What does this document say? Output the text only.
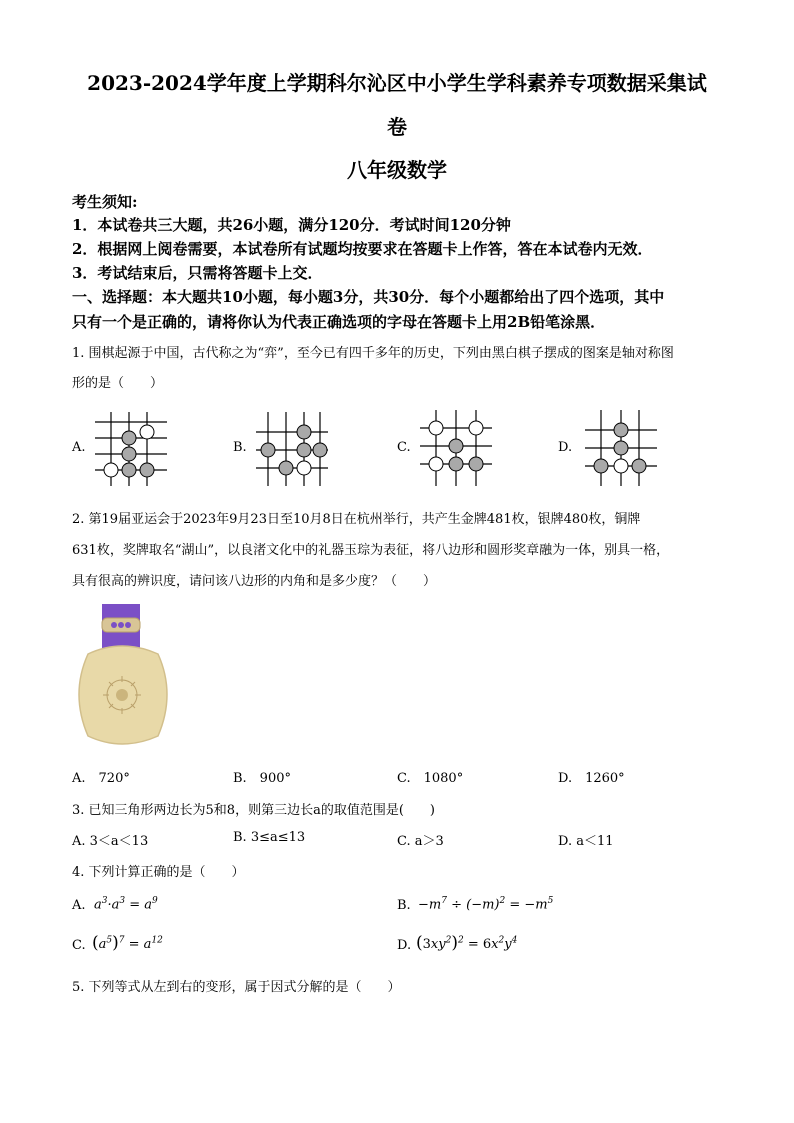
2023-2024学年度上学期科尔沁区中小学生学科素养专项数据采集试
卷
八年级数学
考生须知:
1．本试卷共三大题，共26小题，满分120分．考试时间120分钟
2．根据网上阅卷需要，本试卷所有试题均按要求在答题卡上作答，答在本试卷内无效．
3．考试结束后，只需将答题卡上交．
一、选择题：本大题共10小题，每小题3分，共30分．每个小题都给出了四个选项，其中
只有一个是正确的，请将你认为代表正确选项的字母在答题卡上用2B铅笔涂黑．
1. 围棋起源于中国，古代称之为“弈”，至今已有四千多年的历史，下列由黑白棋子摆成的图案是轴对称图
形的是（　　）
A.	B.	C.	D.
2. 第19届亚运会于2023年9月23日至10月8日在杭州举行，共产生金牌481枚，银牌480枚，铜牌
631枚，奖牌取名“湖山”，以良渚文化中的礼器玉琮为表征，将八边形和圆形奖章融为一体，别具一格，
具有很高的辨识度，请问该八边形的内角和是多少度？（　　）
A.　720°	B.　900°	C.　1080°	D.　1260°
3. 已知三角形两边长为5和8，则第三边长a的取值范围是(　　)
A. 3＜a＜13	B. 3≤a≤13	C. a＞3	D. a＜11
4. 下列计算正确的是（　　）
A. $a^3\cdot a^3 = a^9$	B. $-m^7 \div (-m)^2 = -m^5$
C. $(a^5)^7 = a^{12}$	D. $(3xy^2)^2 = 6x^2y^4$
5. 下列等式从左到右的变形，属于因式分解的是（　　）
